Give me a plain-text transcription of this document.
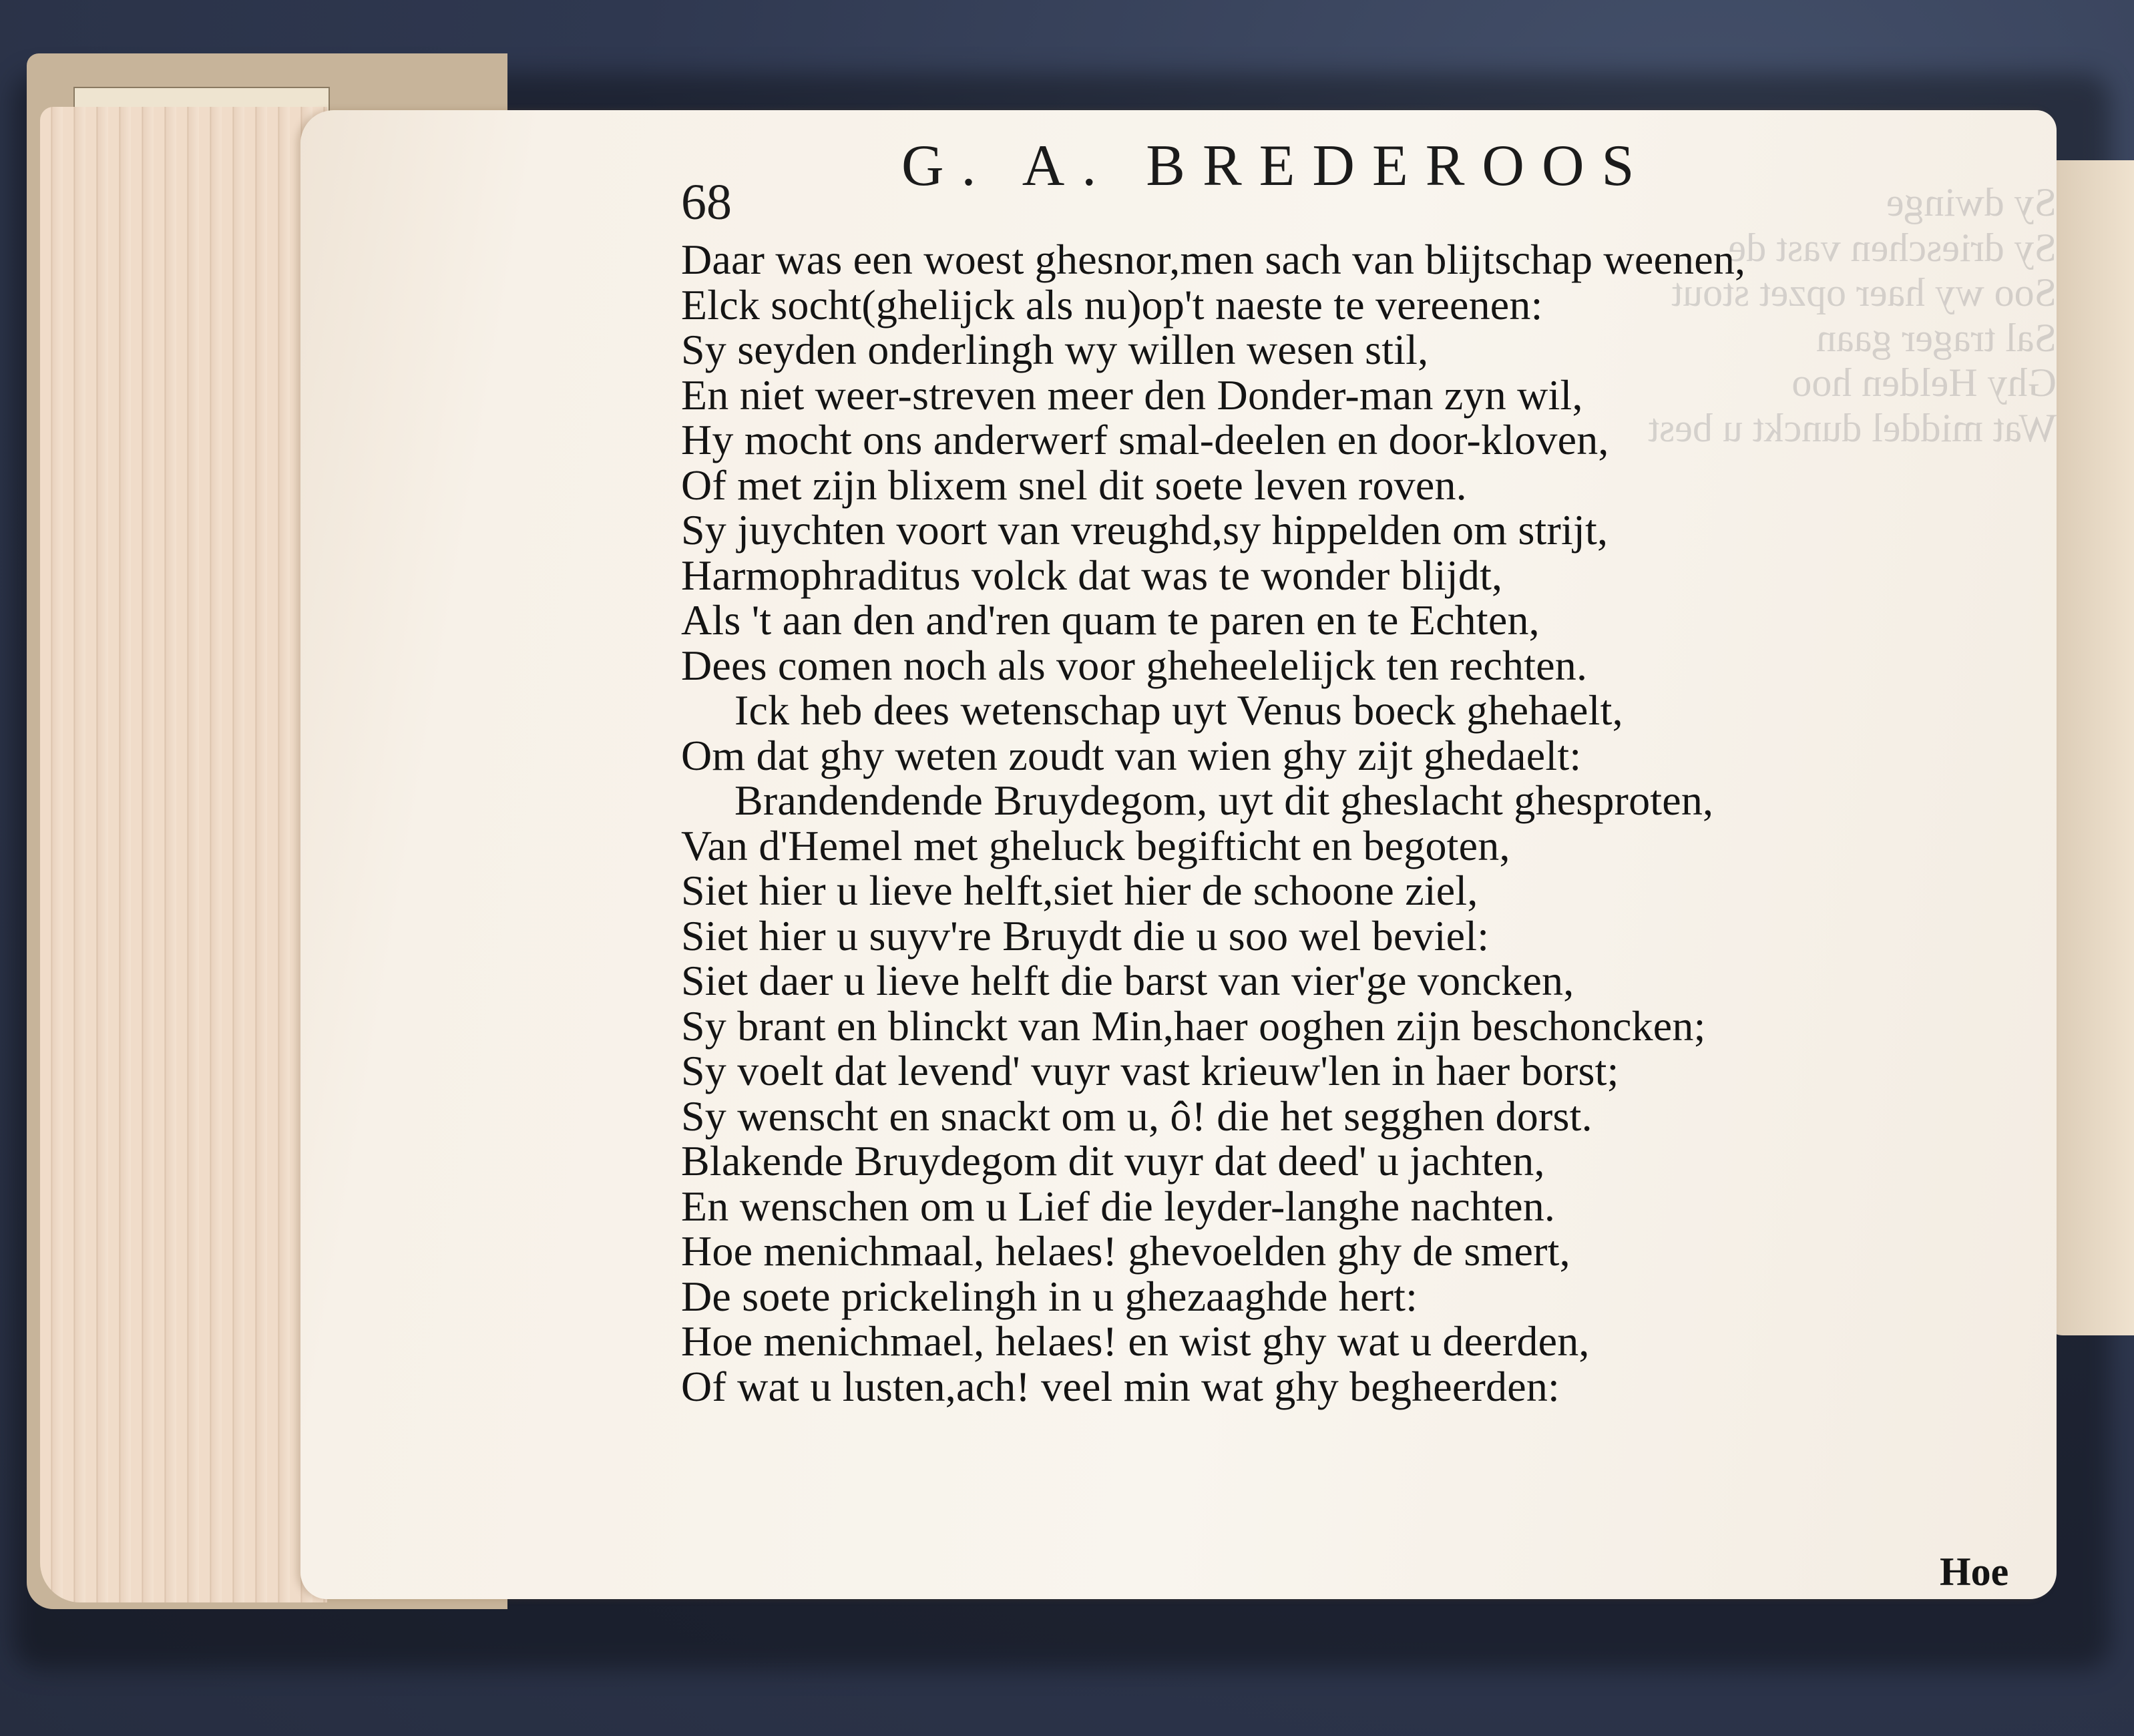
Sy dwinge
Sy drieschen vast de
Soo wy haer opzet stout
Sal trager gaan
Ghy Helden hoo
Wat middel dunckt u best
68
G. A. BREDEROOS
Daar was een woest ghesnor,men sach van blijtschap weenen,
Elck socht(ghelijck als nu)op't naeste te vereenen:
Sy seyden onderlingh wy willen wesen stil,
En niet weer-streven meer den Donder-man zyn wil,
Hy mocht ons anderwerf smal-deelen en door-kloven,
Of met zijn blixem snel dit soete leven roven.
Sy juychten voort van vreughd,sy hippelden om strijt,
Harmophraditus volck dat was te wonder blijdt,
Als 't aan den and'ren quam te paren en te Echten,
Dees comen noch als voor gheheelelijck ten rechten.
Ick heb dees wetenschap uyt Venus boeck ghehaelt,
Om dat ghy weten zoudt van wien ghy zijt ghedaelt:
Brandendende Bruydegom, uyt dit gheslacht ghesproten,
Van d'Hemel met gheluck begifticht en begoten,
Siet hier u lieve helft,siet hier de schoone ziel,
Siet hier u suyv're Bruydt die u soo wel beviel:
Siet daer u lieve helft die barst van vier'ge voncken,
Sy brant en blinckt van Min,haer ooghen zijn beschoncken;
Sy voelt dat levend' vuyr vast krieuw'len in haer borst;
Sy wenscht en snackt om u, ô! die het segghen dorst.
Blakende Bruydegom dit vuyr dat deed' u jachten,
En wenschen om u Lief die leyder-langhe nachten.
Hoe menichmaal, helaes! ghevoelden ghy de smert,
De soete prickelingh in u ghezaaghde hert:
Hoe menichmael, helaes! en wist ghy wat u deerden,
Of wat u lusten,ach! veel min wat ghy begheerden:
Hoe
